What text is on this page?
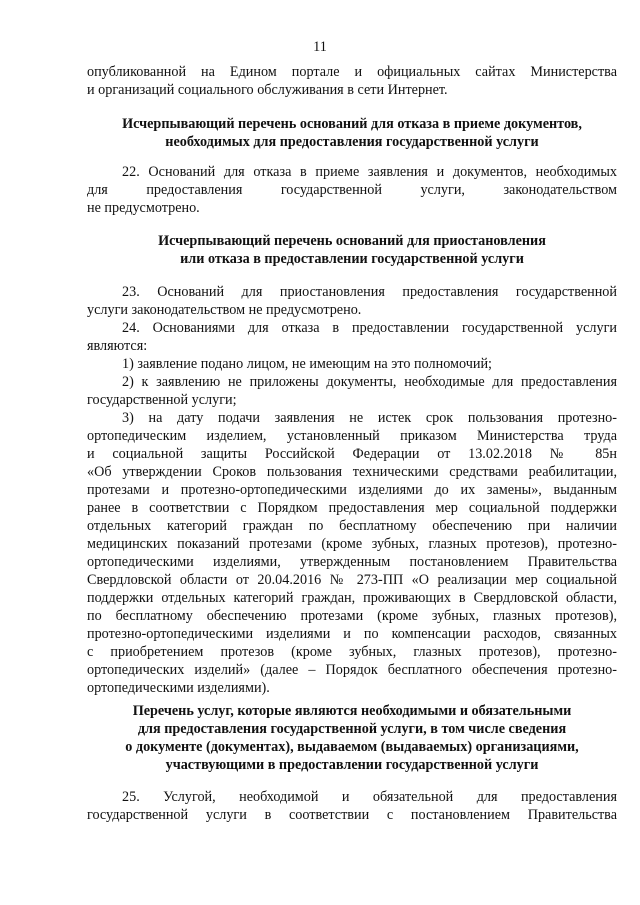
11
опубликованной на Едином портале и официальных сайтах Министерства
и организаций социального обслуживания в сети Интернет.
Исчерпывающий перечень оснований для отказа в приеме документов,
необходимых для предоставления государственной услуги
22. Оснований для отказа в приеме заявления и документов, необходимых
для предоставления государственной услуги, законодательством
не предусмотрено.
Исчерпывающий перечень оснований для приостановления
или отказа в предоставлении государственной услуги
23. Оснований для приостановления предоставления государственной
услуги законодательством не предусмотрено.
24. Основаниями для отказа в предоставлении государственной услуги
являются:
1) заявление подано лицом, не имеющим на это полномочий;
2) к заявлению не приложены документы, необходимые для предоставления
государственной услуги;
3) на дату подачи заявления не истек срок пользования протезно-
ортопедическим изделием, установленный приказом Министерства труда
и социальной защиты Российской Федерации от 13.02.2018 № 85н
«Об утверждении Сроков пользования техническими средствами реабилитации,
протезами и протезно-ортопедическими изделиями до их замены», выданным
ранее в соответствии с Порядком предоставления мер социальной поддержки
отдельных категорий граждан по бесплатному обеспечению при наличии
медицинских показаний протезами (кроме зубных, глазных протезов), протезно-
ортопедическими изделиями, утвержденным постановлением Правительства
Свердловской области от 20.04.2016 № 273-ПП «О реализации мер социальной
поддержки отдельных категорий граждан, проживающих в Свердловской области,
по бесплатному обеспечению протезами (кроме зубных, глазных протезов),
протезно-ортопедическими изделиями и по компенсации расходов, связанных
с приобретением протезов (кроме зубных, глазных протезов), протезно-
ортопедических изделий» (далее – Порядок бесплатного обеспечения протезно-
ортопедическими изделиями).
Перечень услуг, которые являются необходимыми и обязательными
для предоставления государственной услуги, в том числе сведения
о документе (документах), выдаваемом (выдаваемых) организациями,
участвующими в предоставлении государственной услуги
25. Услугой, необходимой и обязательной для предоставления
государственной услуги в соответствии с постановлением Правительства
